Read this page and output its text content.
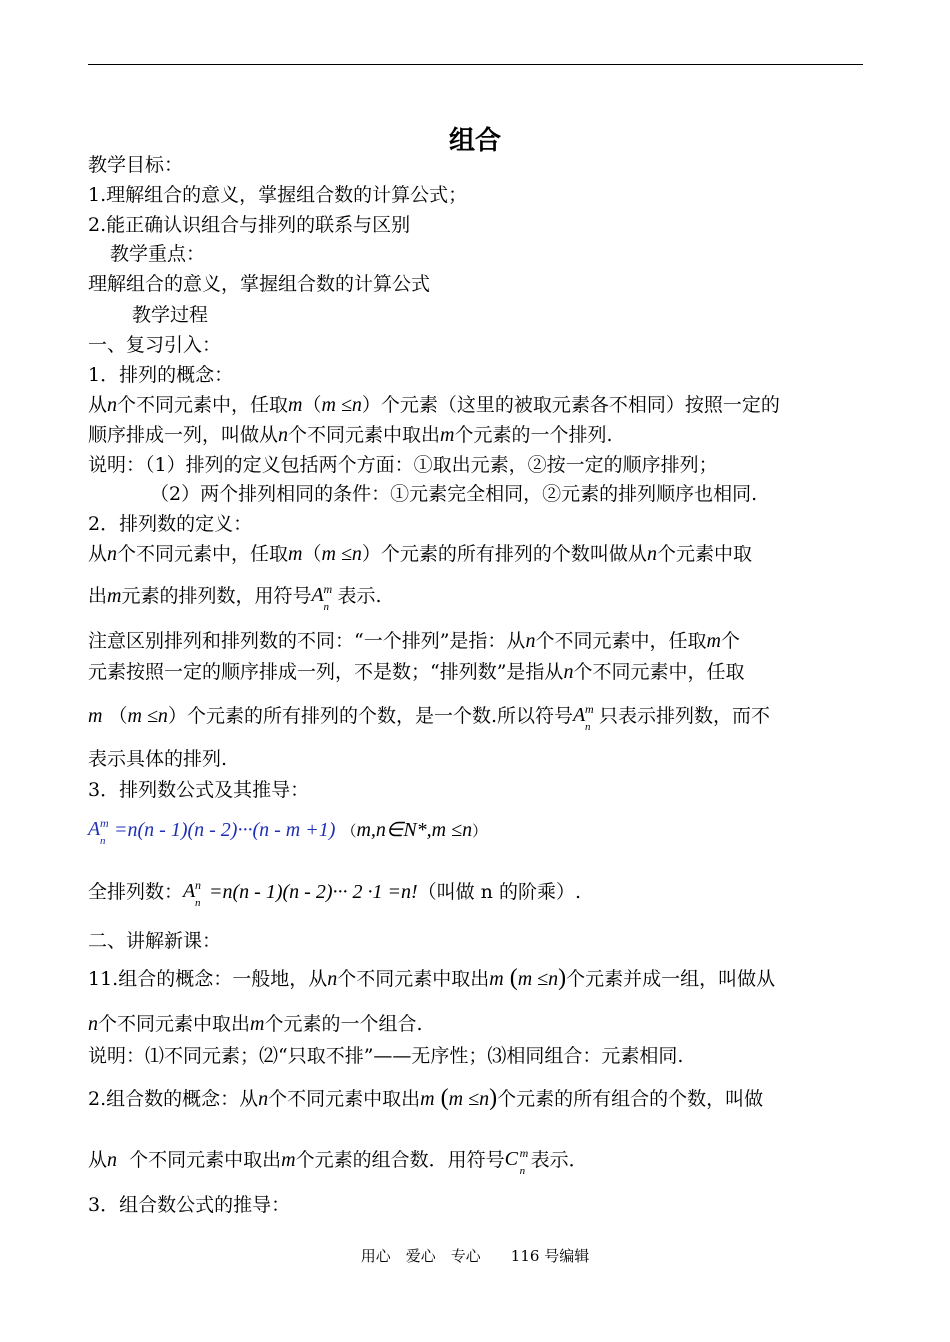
组合
教学目标：
1.理解组合的意义，掌握组合数的计算公式；
2.能正确认识组合与排列的联系与区别
教学重点：
理解组合的意义，掌握组合数的计算公式
教学过程
一、复习引入：
1．排列的概念：
从n个不同元素中，任取m（m ≤n）个元素（这里的被取元素各不相同）按照一定的
顺序排成一列，叫做从n个不同元素中取出m个元素的一个排列.
说明：（1）排列的定义包括两个方面：①取出元素，②按一定的顺序排列；
（2）两个排列相同的条件：①元素完全相同，②元素的排列顺序也相同.
2．排列数的定义：
从n个不同元素中，任取m（m ≤n）个元素的所有排列的个数叫做从n个元素中取
出m元素的排列数，用符号 A m
n 表示.
注意区别排列和排列数的不同：“一个排列”是指：从n个不同元素中，任取m个
元素按照一定的顺序排成一列，不是数；“排列数”是指从n个不同元素中，任取
m （m ≤n）个元素的所有排列的个数，是一个数.所以符号 A m
n 只表示排列数，而不
表示具体的排列.
3．排列数公式及其推导：
A m
n =n(n - 1)(n - 2)···(n - m +1) （m,n∈N*,m ≤n）
全排列数： A n
n =n(n - 1)(n - 2)··· 2 ·1 =n!（叫做 n 的阶乘）.
二、讲解新课：
11.组合的概念：一般地，从n个不同元素中取出m (m ≤n)个元素并成一组，叫做从
n个不同元素中取出m个元素的一个组合.
说明：⑴不同元素；⑵“只取不排”——无序性；⑶相同组合：元素相同.
2.组合数的概念：从n个不同元素中取出m (m ≤n)个元素的所有组合的个数，叫做
从n 个不同元素中取出m个元素的组合数．用符号 C m
n 表示．
3．组合数公式的推导：
用心　爱心　专心　　116 号编辑
